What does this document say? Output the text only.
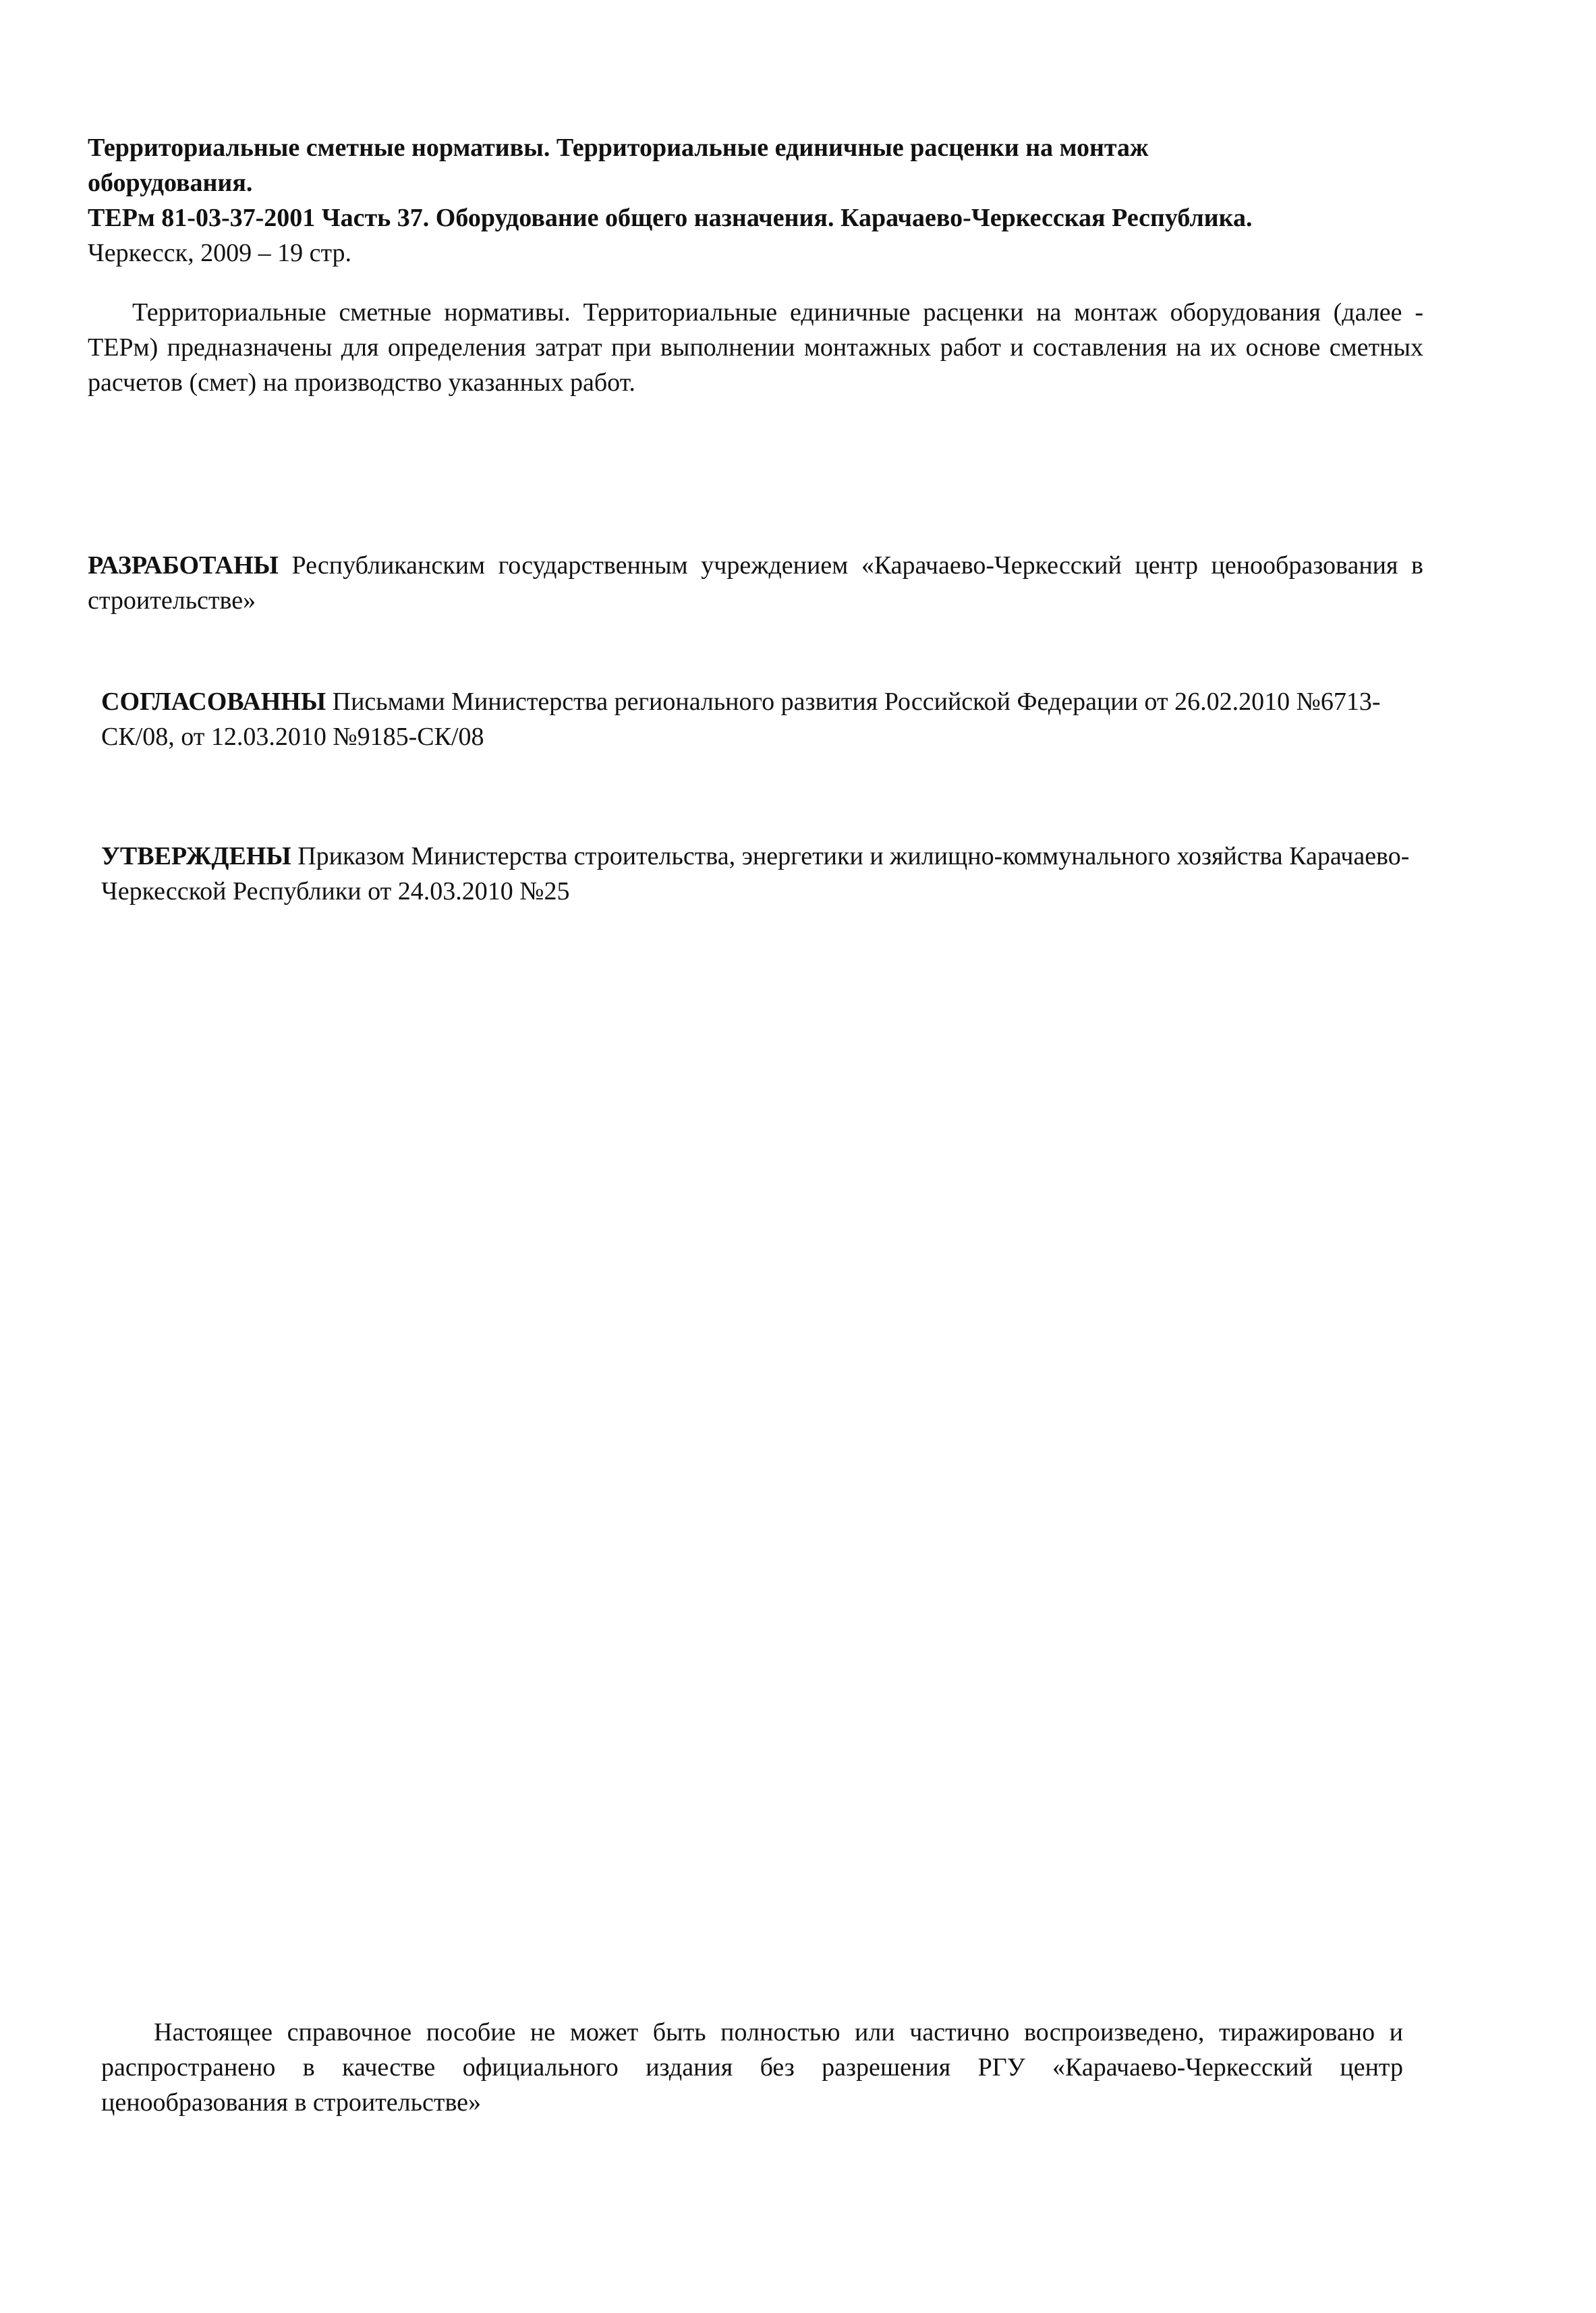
Территориальные сметные нормативы. Территориальные единичные расценки на монтаж
оборудования.
ТЕРм 81-03-37-2001 Часть 37. Оборудование общего назначения. Карачаево-Черкесская Республика.
Черкесск, 2009 – 19 стр.
Территориальные сметные нормативы. Территориальные единичные расценки на монтаж оборудования (далее - ТЕРм) предназначены для определения затрат при выполнении монтажных работ и составления на их основе сметных расчетов (смет) на производство указанных работ.
РАЗРАБОТАНЫ Республиканским государственным учреждением «Карачаево-Черкесский центр ценообразования в строительстве»
СОГЛАСОВАННЫ Письмами Министерства регионального развития Российской Федерации от 26.02.2010 №6713-СК/08, от 12.03.2010 №9185-СК/08
УТВЕРЖДЕНЫ Приказом Министерства строительства, энергетики и жилищно-коммунального хозяйства Карачаево-Черкесской Республики от 24.03.2010 №25
Настоящее справочное пособие не может быть полностью или частично воспроизведено, тиражировано и распространено в качестве официального издания без разрешения РГУ «Карачаево-Черкесский центр ценообразования в строительстве»
